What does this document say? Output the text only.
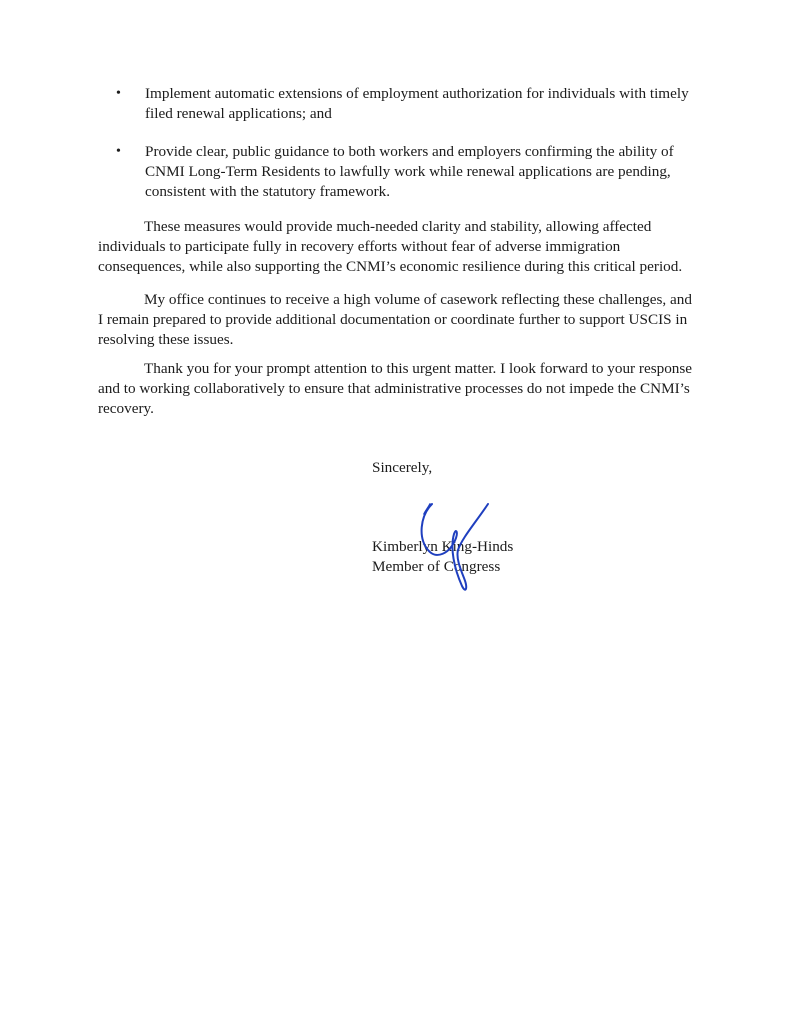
• Implement automatic extensions of employment authorization for individuals with timely filed renewal applications; and
• Provide clear, public guidance to both workers and employers confirming the ability of CNMI Long-Term Residents to lawfully work while renewal applications are pending, consistent with the statutory framework.

These measures would provide much-needed clarity and stability, allowing affected individuals to participate fully in recovery efforts without fear of adverse immigration consequences, while also supporting the CNMI’s economic resilience during this critical period.

My office continues to receive a high volume of casework reflecting these challenges, and I remain prepared to provide additional documentation or coordinate further to support USCIS in resolving these issues.

Thank you for your prompt attention to this urgent matter. I look forward to your response and to working collaboratively to ensure that administrative processes do not impede the CNMI’s recovery.

Sincerely,

Kimberlyn King-Hinds

Member of Congress
